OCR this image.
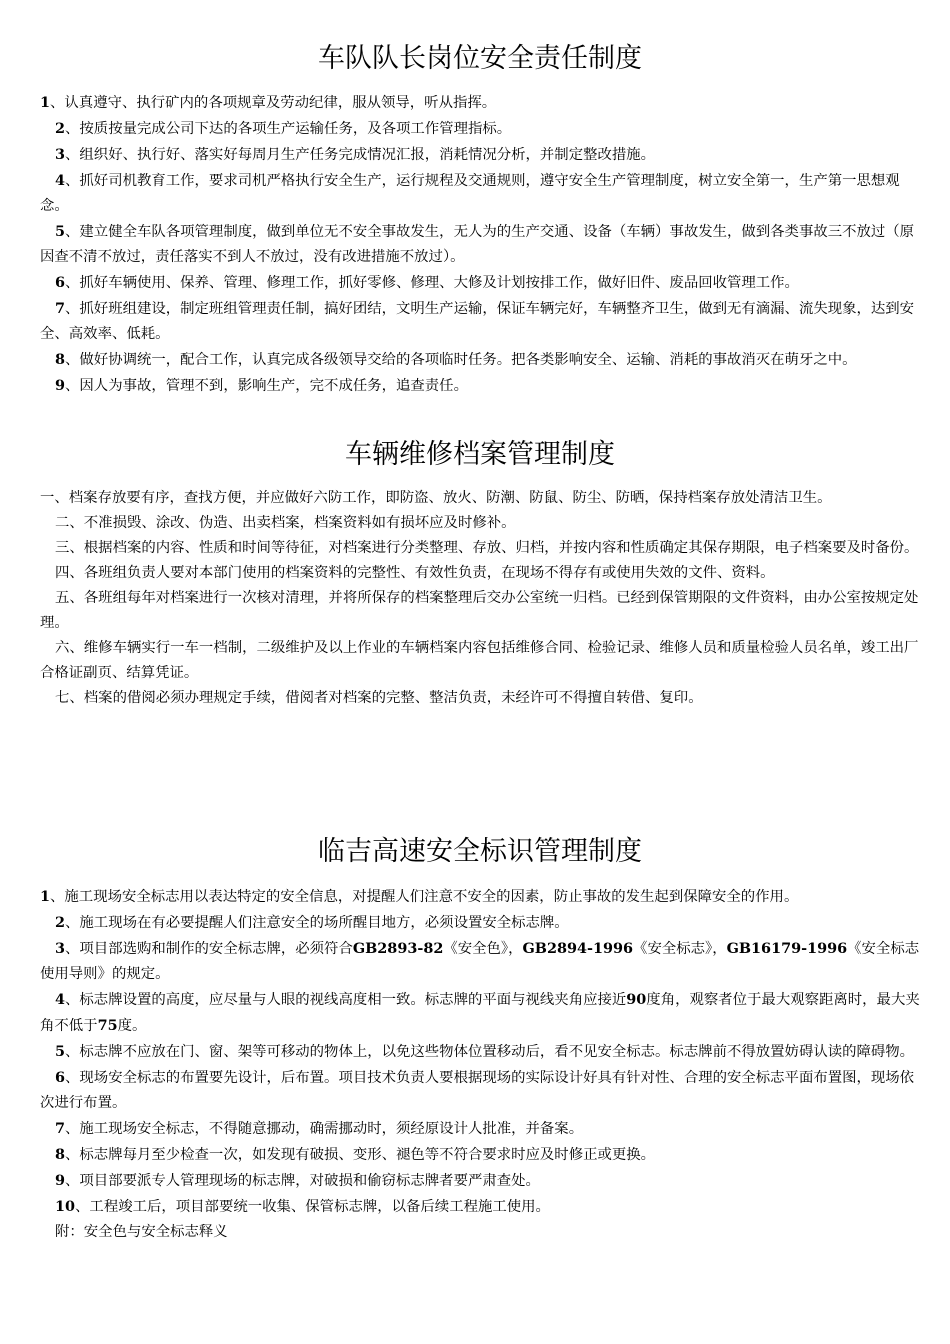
车队队长岗位安全责任制度

1、认真遵守、执行矿内的各项规章及劳动纪律，服从领导，听从指挥。

2、按质按量完成公司下达的各项生产运输任务，及各项工作管理指标。

3、组织好、执行好、落实好每周月生产任务完成情况汇报，消耗情况分析，并制定整改措施。

4、抓好司机教育工作，要求司机严格执行安全生产，运行规程及交通规则，遵守安全生产管理制度，树立安全第一，生产第一思想观念。

5、建立健全车队各项管理制度，做到单位无不安全事故发生，无人为的生产交通、设备（车辆）事故发生，做到各类事故三不放过（原因查不清不放过，责任落实不到人不放过，没有改进措施不放过）。

6、抓好车辆使用、保养、管理、修理工作，抓好零修、修理、大修及计划按排工作，做好旧件、废品回收管理工作。

7、抓好班组建设，制定班组管理责任制，搞好团结，文明生产运输，保证车辆完好，车辆整齐卫生，做到无有滴漏、流失现象，达到安全、高效率、低耗。

8、做好协调统一，配合工作，认真完成各级领导交给的各项临时任务。把各类影响安全、运输、消耗的事故消灭在萌牙之中。

9、因人为事故，管理不到，影响生产，完不成任务，追查责任。

车辆维修档案管理制度

一、档案存放要有序，查找方便，并应做好六防工作，即防盗、放火、防潮、防鼠、防尘、防晒，保持档案存放处清洁卫生。

二、不准损毁、涂改、伪造、出卖档案，档案资料如有损坏应及时修补。

三、根据档案的内容、性质和时间等待征，对档案进行分类整理、存放、归档，并按内容和性质确定其保存期限，电子档案要及时备份。

四、各班组负责人要对本部门使用的档案资料的完整性、有效性负责，在现场不得存有或使用失效的文件、资料。

五、各班组每年对档案进行一次核对清理，并将所保存的档案整理后交办公室统一归档。已经到保管期限的文件资料，由办公室按规定处理。

六、维修车辆实行一车一档制，二级维护及以上作业的车辆档案内容包括维修合同、检验记录、维修人员和质量检验人员名单，竣工出厂合格证副页、结算凭证。

七、档案的借阅必须办理规定手续，借阅者对档案的完整、整洁负责，未经许可不得擅自转借、复印。

临吉高速安全标识管理制度

1、施工现场安全标志用以表达特定的安全信息，对提醒人们注意不安全的因素，防止事故的发生起到保障安全的作用。

2、施工现场在有必要提醒人们注意安全的场所醒目地方，必须设置安全标志牌。

3、项目部选购和制作的安全标志牌，必须符合GB2893-82《安全色》，GB2894-1996《安全标志》，GB16179-1996《安全标志使用导则》的规定。

4、标志牌设置的高度，应尽量与人眼的视线高度相一致。标志牌的平面与视线夹角应接近90度角，观察者位于最大观察距离时，最大夹角不低于75度。

5、标志牌不应放在门、窗、架等可移动的物体上，以免这些物体位置移动后，看不见安全标志。标志牌前不得放置妨碍认读的障碍物。

6、现场安全标志的布置要先设计，后布置。项目技术负责人要根据现场的实际设计好具有针对性、合理的安全标志平面布置图，现场依次进行布置。

7、施工现场安全标志，不得随意挪动，确需挪动时，须经原设计人批准，并备案。

8、标志牌每月至少检查一次，如发现有破损、变形、褪色等不符合要求时应及时修正或更换。

9、项目部要派专人管理现场的标志牌，对破损和偷窃标志牌者要严肃查处。

10、工程竣工后，项目部要统一收集、保管标志牌，以备后续工程施工使用。

附：安全色与安全标志释义
